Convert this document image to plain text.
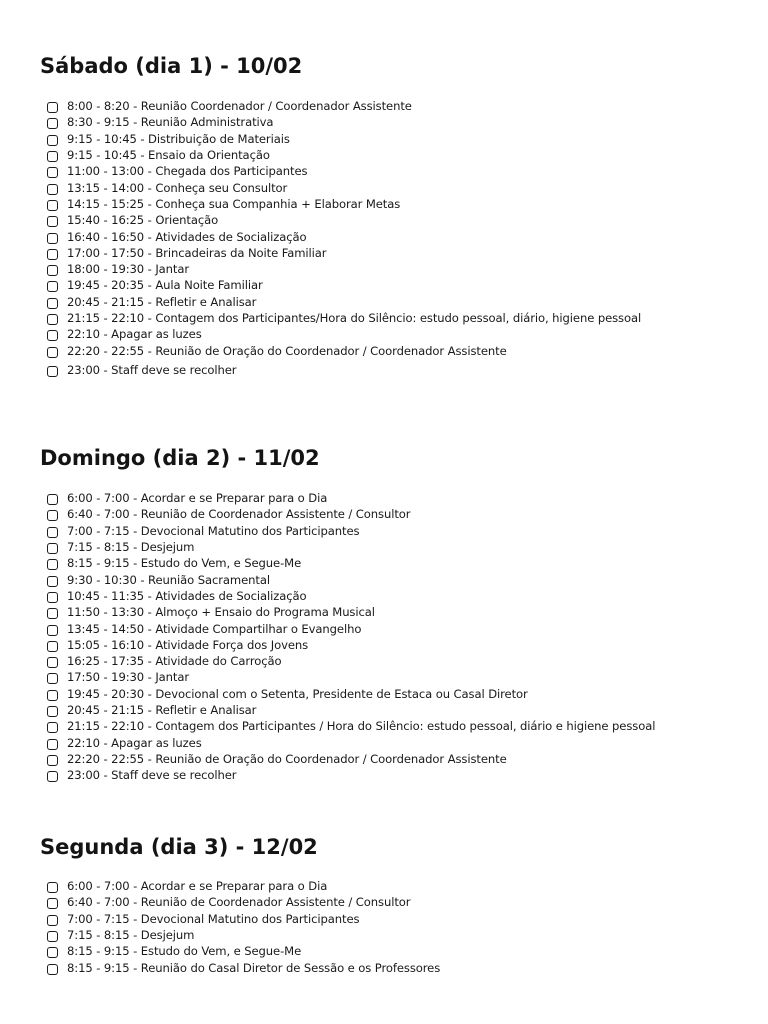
Sábado (dia 1) - 10/02
8:00 - 8:20 - Reunião Coordenador / Coordenador Assistente
8:30 - 9:15 - Reunião Administrativa
9:15 - 10:45 - Distribuição de Materiais
9:15 - 10:45 - Ensaio da Orientação
11:00 - 13:00 - Chegada dos Participantes
13:15 - 14:00 - Conheça seu Consultor
14:15 - 15:25 - Conheça sua Companhia + Elaborar Metas
15:40 - 16:25 - Orientação
16:40 - 16:50 - Atividades de Socialização
17:00 - 17:50 - Brincadeiras da Noite Familiar
18:00 - 19:30 - Jantar
19:45 - 20:35 - Aula Noite Familiar
20:45 - 21:15 - Refletir e Analisar
21:15 - 22:10 - Contagem dos Participantes/Hora do Silêncio: estudo pessoal, diário, higiene pessoal
22:10 - Apagar as luzes
22:20 - 22:55 - Reunião de Oração do Coordenador / Coordenador Assistente
23:00 - Staff deve se recolher
Domingo (dia 2) - 11/02
6:00 - 7:00 - Acordar e se Preparar para o Dia
6:40 - 7:00 - Reunião de Coordenador Assistente / Consultor
7:00 - 7:15 - Devocional Matutino dos Participantes
7:15 - 8:15 - Desjejum
8:15 - 9:15 - Estudo do Vem, e Segue-Me
9:30 - 10:30 - Reunião Sacramental
10:45 - 11:35 - Atividades de Socialização
11:50 - 13:30 - Almoço + Ensaio do Programa Musical
13:45 - 14:50 - Atividade Compartilhar o Evangelho
15:05 - 16:10 - Atividade Força dos Jovens
16:25 - 17:35 - Atividade do Carroção
17:50 - 19:30 - Jantar
19:45 - 20:30 - Devocional com o Setenta, Presidente de Estaca ou Casal Diretor
20:45 - 21:15 - Refletir e Analisar
21:15 - 22:10 - Contagem dos Participantes / Hora do Silêncio: estudo pessoal, diário e higiene pessoal
22:10 - Apagar as luzes
22:20 - 22:55 - Reunião de Oração do Coordenador / Coordenador Assistente
23:00 - Staff deve se recolher
Segunda (dia 3) - 12/02
6:00 - 7:00 - Acordar e se Preparar para o Dia
6:40 - 7:00 - Reunião de Coordenador Assistente / Consultor
7:00 - 7:15 - Devocional Matutino dos Participantes
7:15 - 8:15 - Desjejum
8:15 - 9:15 - Estudo do Vem, e Segue-Me
8:15 - 9:15 - Reunião do Casal Diretor de Sessão e os Professores
